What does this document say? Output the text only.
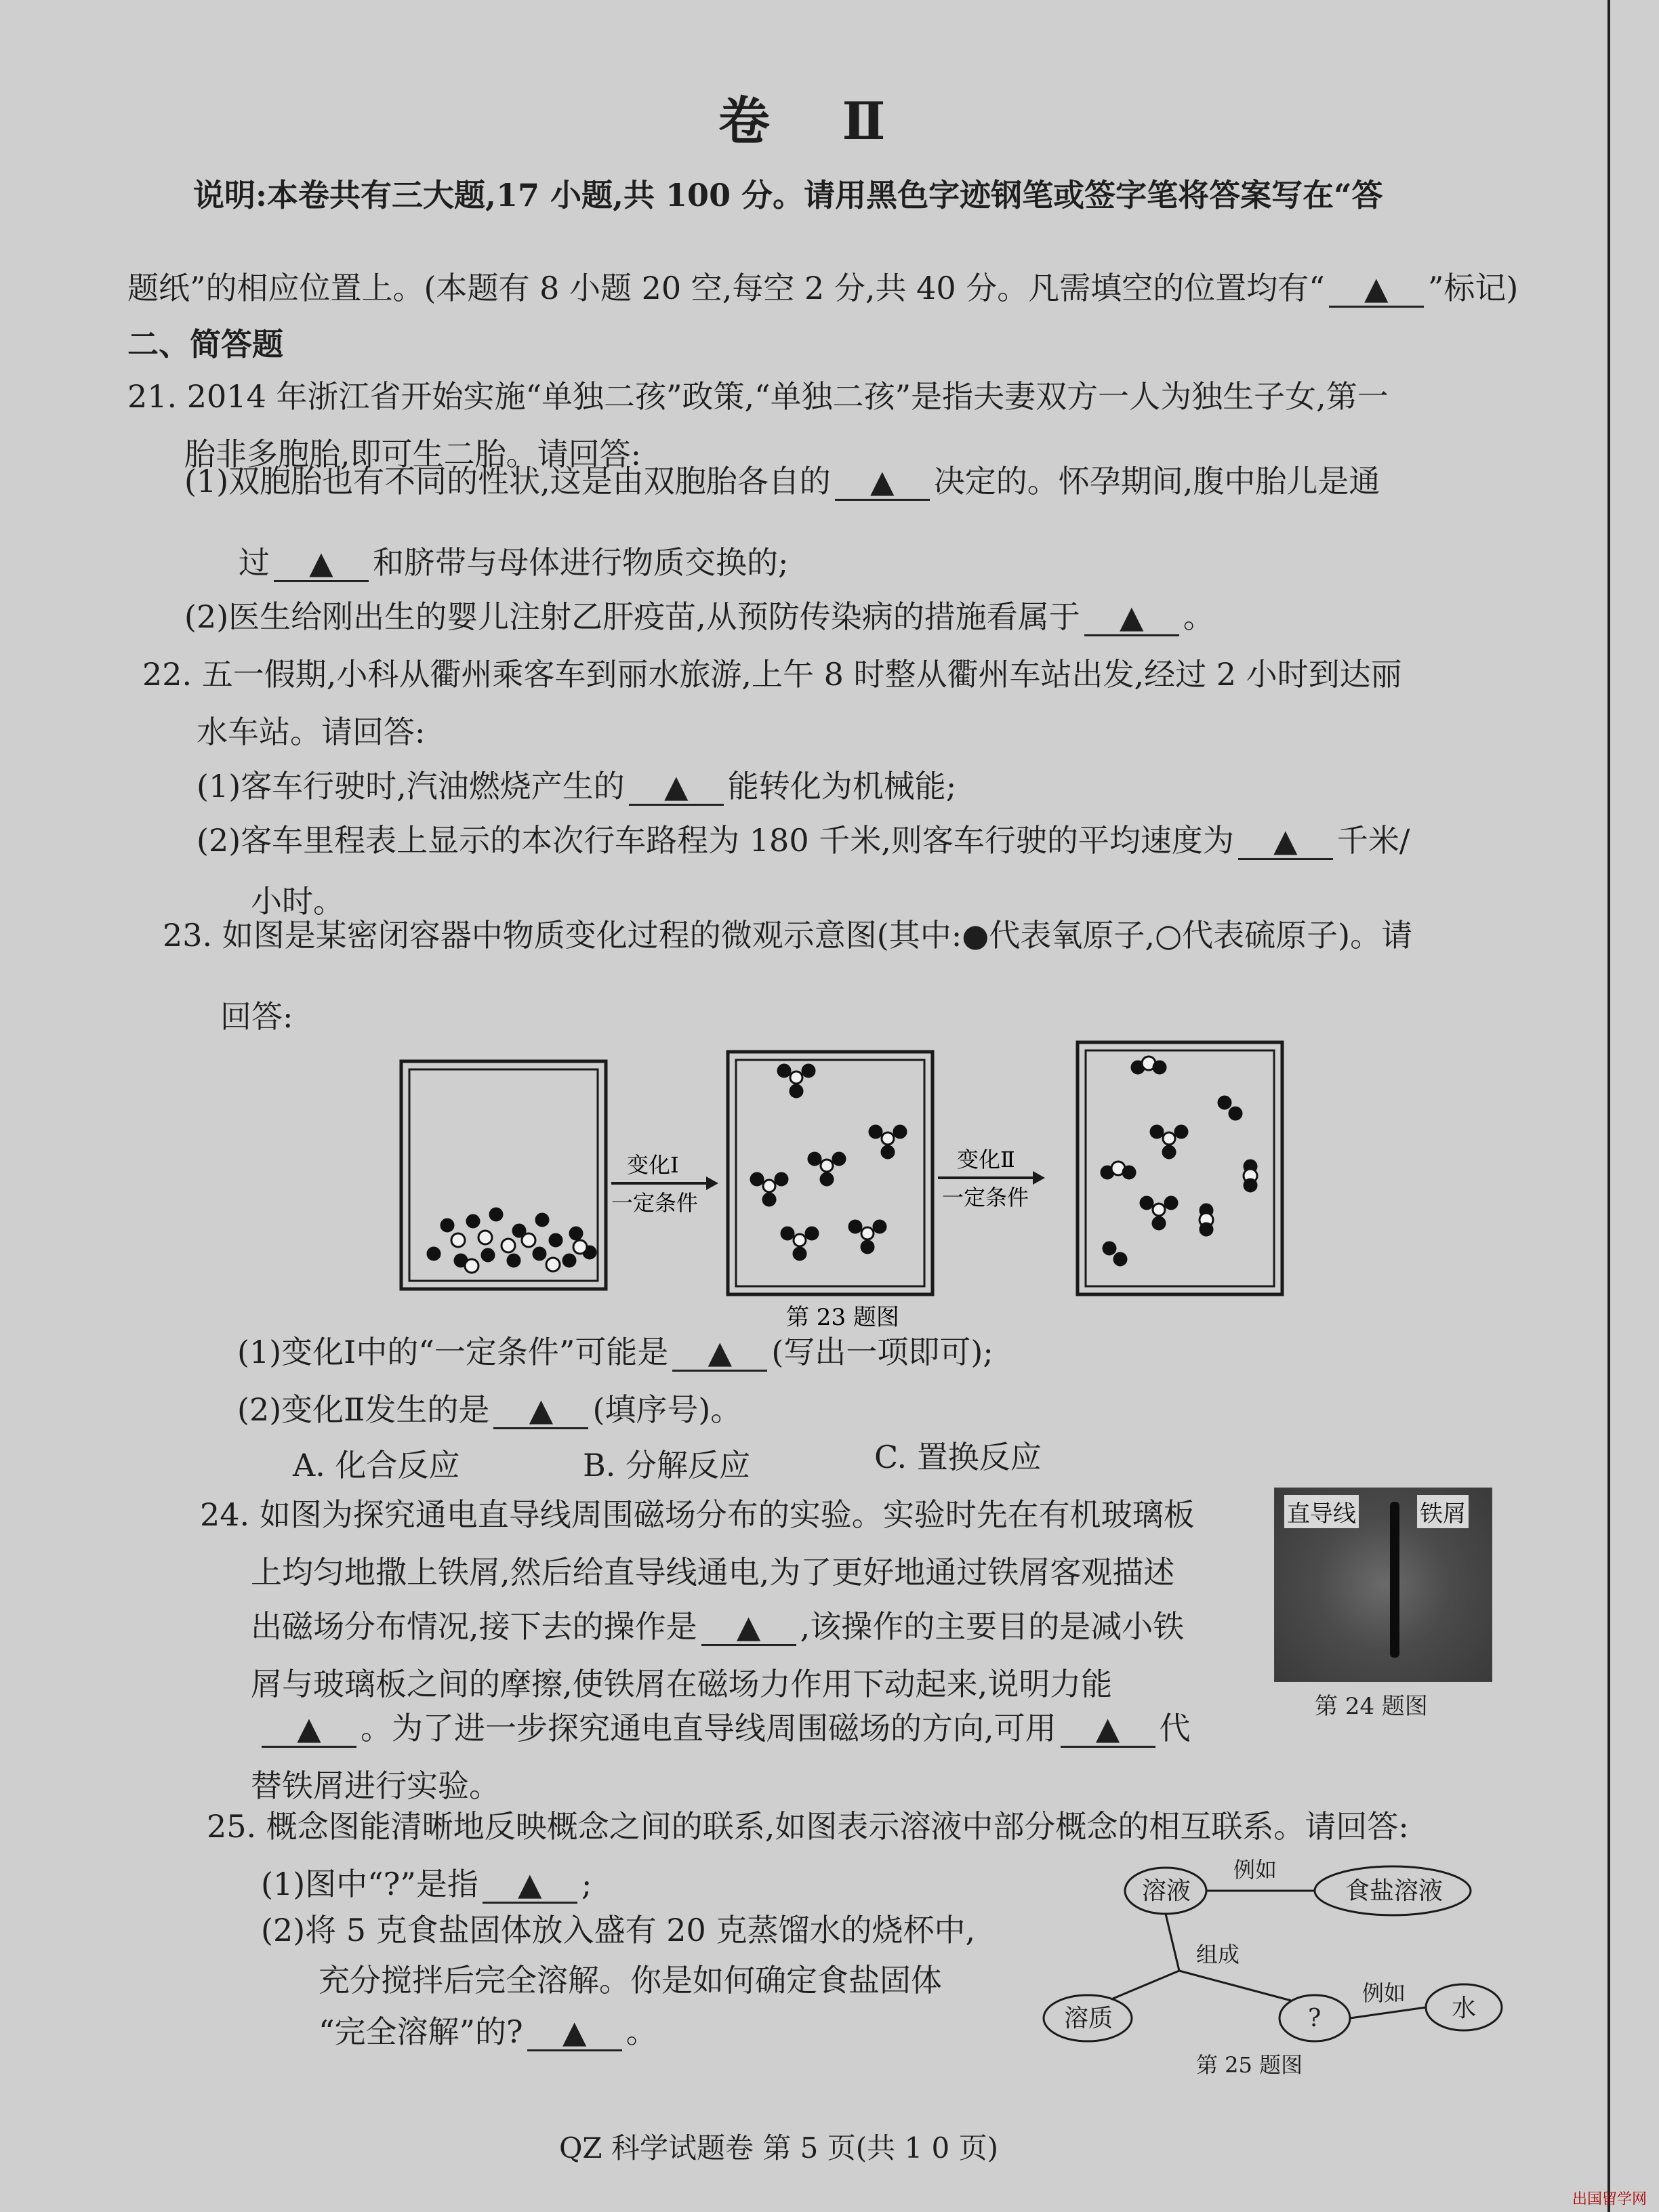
卷 Ⅱ
说明:本卷共有三大题,17 小题,共 100 分。请用黑色字迹钢笔或签字笔将答案写在“答
题纸”的相应位置上。(本题有 8 小题 20 空,每空 2 分,共 40 分。凡需填空的位置均有“ ▲ ”标记)
二、简答题
21. 2014 年浙江省开始实施“单独二孩”政策,“单独二孩”是指夫妻双方一人为独生子女,第一
胎非多胞胎,即可生二胎。请回答:
(1)双胞胎也有不同的性状,这是由双胞胎各自的 ▲ 决定的。怀孕期间,腹中胎儿是通
过 ▲ 和脐带与母体进行物质交换的;
(2)医生给刚出生的婴儿注射乙肝疫苗,从预防传染病的措施看属于 ▲ 。
22. 五一假期,小科从衢州乘客车到丽水旅游,上午 8 时整从衢州车站出发,经过 2 小时到达丽
水车站。请回答:
(1)客车行驶时,汽油燃烧产生的 ▲ 能转化为机械能;
(2)客车里程表上显示的本次行车路程为 180 千米,则客车行驶的平均速度为 ▲ 千米/
小时。
23. 如图是某密闭容器中物质变化过程的微观示意图(其中:●代表氧原子,○代表硫原子)。请
回答:
变化Ⅰ
一定条件
变化Ⅱ
一定条件
第 23 题图
(1)变化Ⅰ中的“一定条件”可能是 ▲ (写出一项即可);
(2)变化Ⅱ发生的是 ▲ (填序号)。
A. 化合反应	B. 分解反应	C. 置换反应
24. 如图为探究通电直导线周围磁场分布的实验。实验时先在有机玻璃板
上均匀地撒上铁屑,然后给直导线通电,为了更好地通过铁屑客观描述
出磁场分布情况,接下去的操作是 ▲ ,该操作的主要目的是减小铁
屑与玻璃板之间的摩擦,使铁屑在磁场力作用下动起来,说明力能
▲ 。为了进一步探究通电直导线周围磁场的方向,可用 ▲ 代
替铁屑进行实验。
直导线	铁屑
第 24 题图
25. 概念图能清晰地反映概念之间的联系,如图表示溶液中部分概念的相互联系。请回答:
(1)图中“?”是指 ▲ ;
(2)将 5 克食盐固体放入盛有 20 克蒸馏水的烧杯中,
充分搅拌后完全溶解。你是如何确定食盐固体
“完全溶解”的? ▲ 。
溶液
例如
食盐溶液
组成
溶质	?
例如
水
第 25 题图
QZ 科学试题卷 第 5 页(共 1 0 页)
出国留学网
